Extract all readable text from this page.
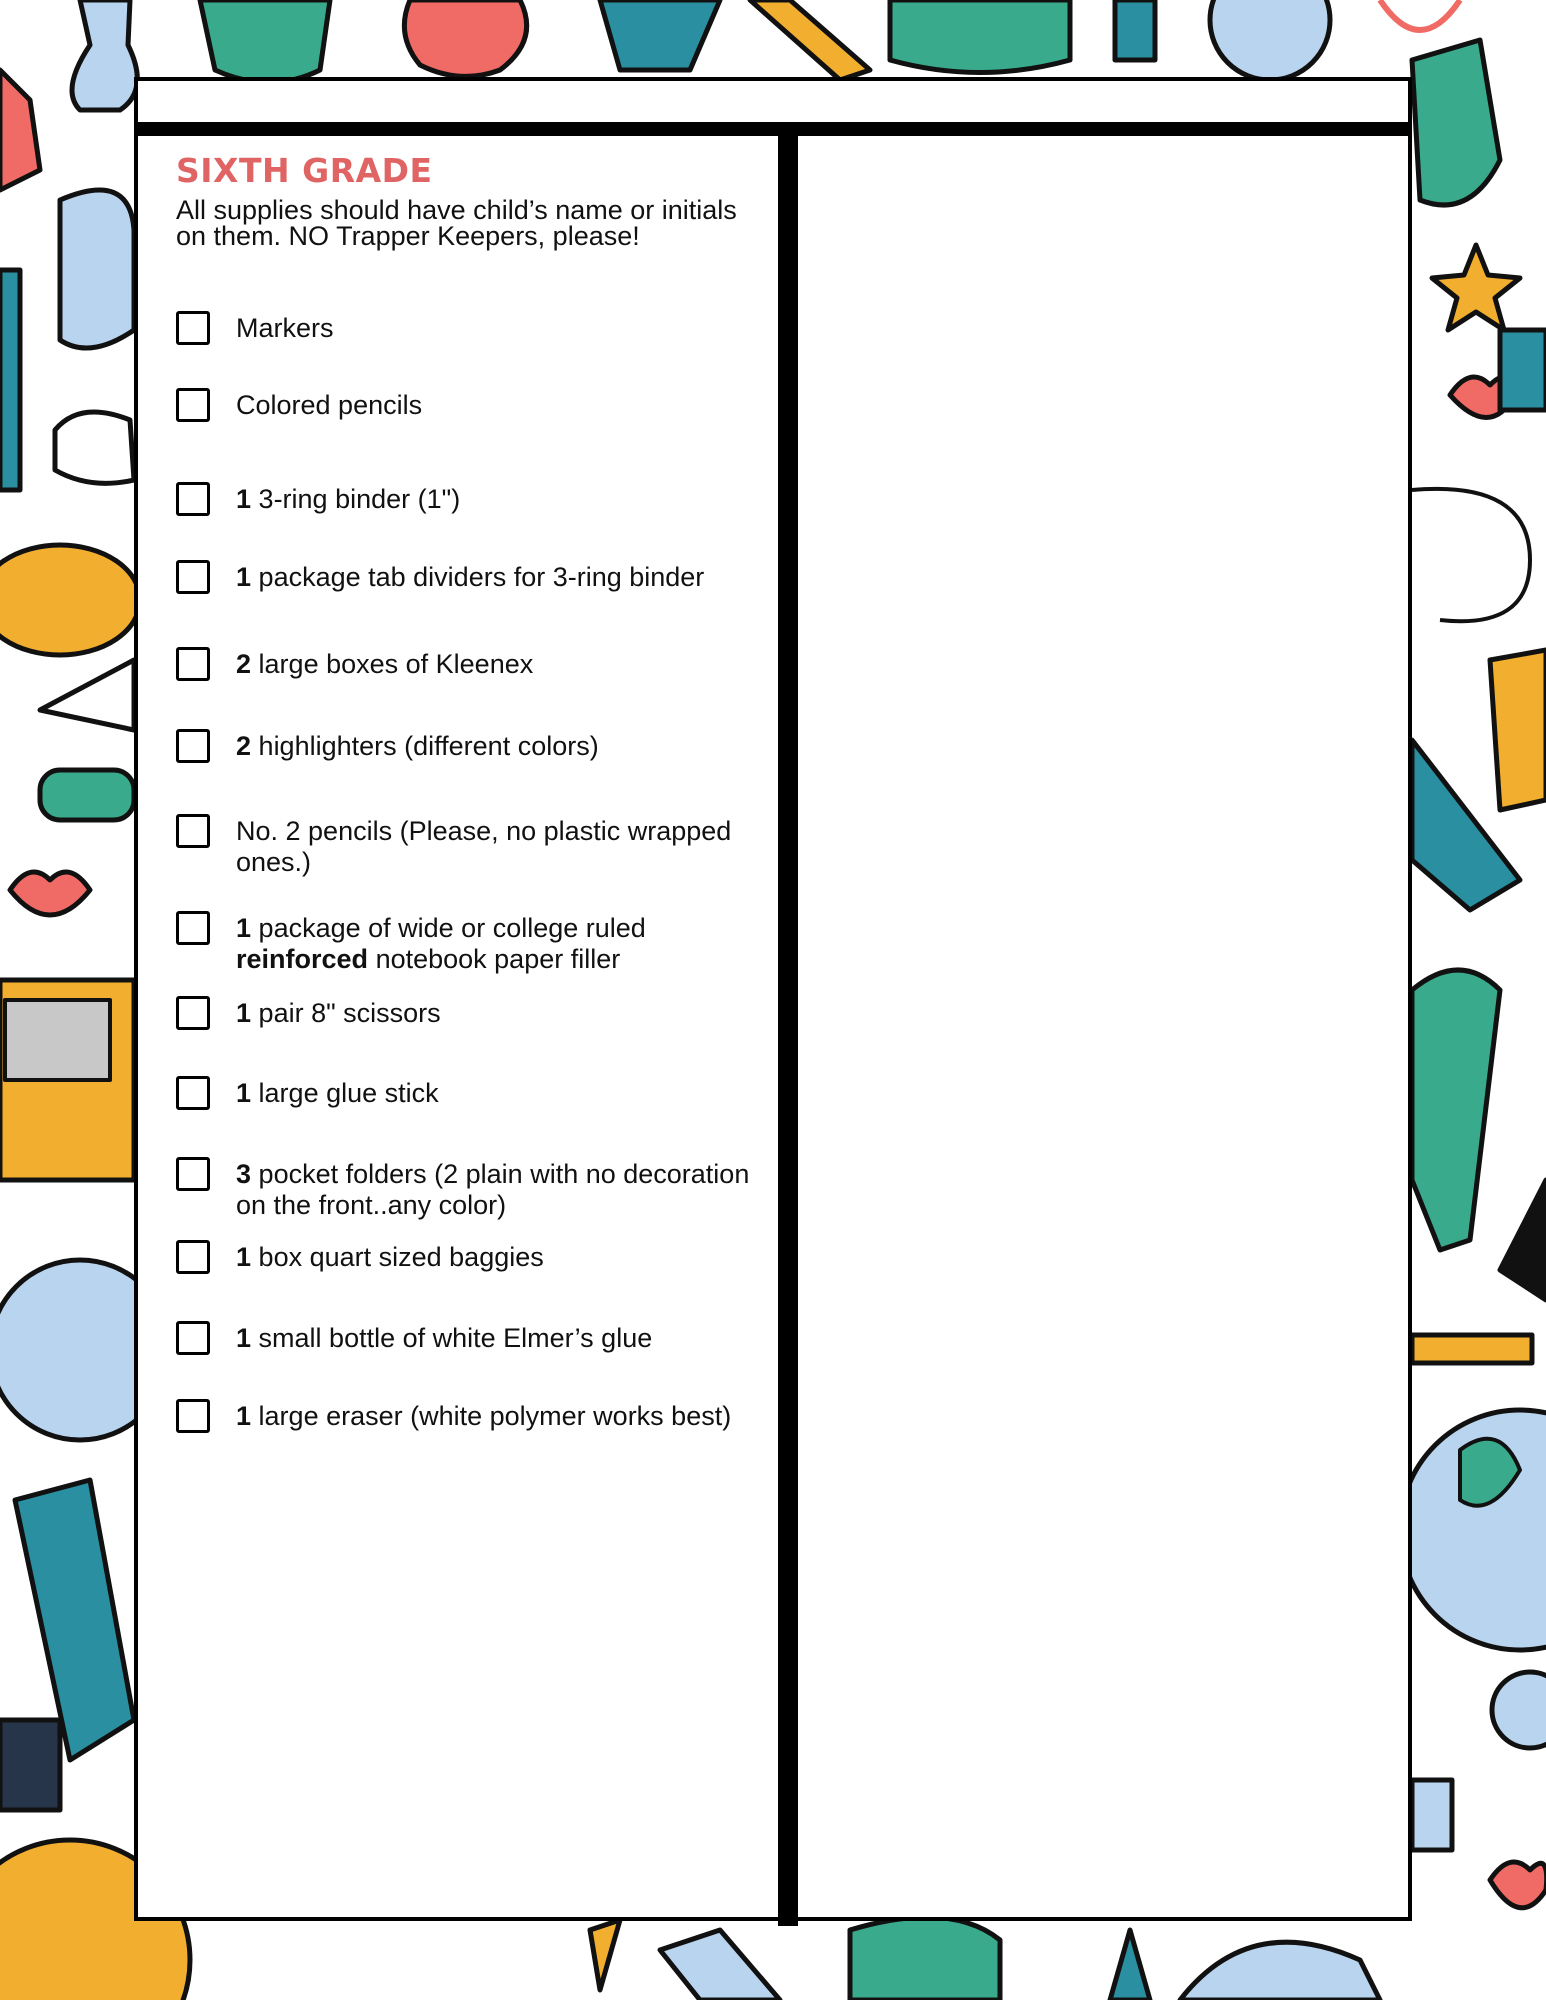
SIXTH GRADE
All supplies should have child’s name or initials on them. NO Trapper Keepers, please!
Markers
Colored pencils
1 3-ring binder (1")
1 package tab dividers for 3-ring binder
2 large boxes of Kleenex
2 highlighters (different colors)
No. 2 pencils (Please, no plastic wrapped ones.)
1 package of wide or college ruled reinforced notebook paper filler
1 pair 8" scissors
1 large glue stick
3 pocket folders (2 plain with no decoration on the front..any color)
1 box quart sized baggies
1 small bottle of white Elmer’s glue
1 large eraser (white polymer works best)
